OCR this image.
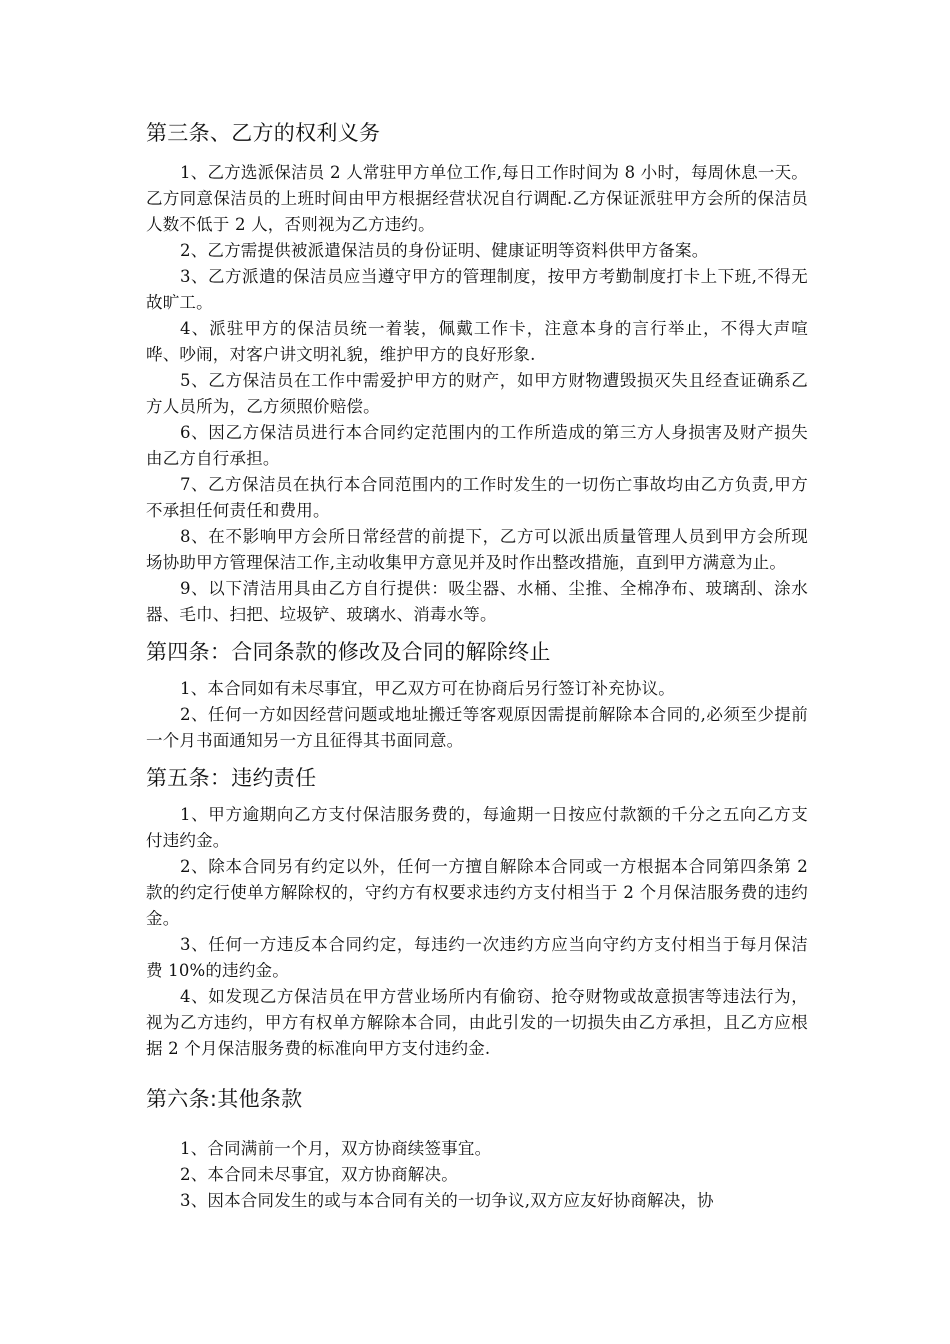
第三条、乙方的权利义务

1、乙方选派保洁员 2 人常驻甲方单位工作,每日工作时间为 8 小时，每周休息一天。乙方同意保洁员的上班时间由甲方根据经营状况自行调配.乙方保证派驻甲方会所的保洁员人数不低于 2 人，否则视为乙方违约。

2、乙方需提供被派遣保洁员的身份证明、健康证明等资料供甲方备案。

3、乙方派遣的保洁员应当遵守甲方的管理制度，按甲方考勤制度打卡上下班,不得无故旷工。

4、派驻甲方的保洁员统一着装，佩戴工作卡，注意本身的言行举止，不得大声喧哗、吵闹，对客户讲文明礼貌，维护甲方的良好形象.

5、乙方保洁员在工作中需爱护甲方的财产，如甲方财物遭毁损灭失且经查证确系乙方人员所为，乙方须照价赔偿。

6、因乙方保洁员进行本合同约定范围内的工作所造成的第三方人身损害及财产损失由乙方自行承担。

7、乙方保洁员在执行本合同范围内的工作时发生的一切伤亡事故均由乙方负责,甲方不承担任何责任和费用。

8、在不影响甲方会所日常经营的前提下，乙方可以派出质量管理人员到甲方会所现场协助甲方管理保洁工作,主动收集甲方意见并及时作出整改措施，直到甲方满意为止。

9、以下清洁用具由乙方自行提供：吸尘器、水桶、尘推、全棉净布、玻璃刮、涂水器、毛巾、扫把、垃圾铲、玻璃水、消毒水等。

第四条：合同条款的修改及合同的解除终止

1、本合同如有未尽事宜，甲乙双方可在协商后另行签订补充协议。

2、任何一方如因经营问题或地址搬迁等客观原因需提前解除本合同的,必须至少提前一个月书面通知另一方且征得其书面同意。

第五条：违约责任

1、甲方逾期向乙方支付保洁服务费的，每逾期一日按应付款额的千分之五向乙方支付违约金。

2、除本合同另有约定以外，任何一方擅自解除本合同或一方根据本合同第四条第 2 款的约定行使单方解除权的，守约方有权要求违约方支付相当于 2 个月保洁服务费的违约金。

3、任何一方违反本合同约定，每违约一次违约方应当向守约方支付相当于每月保洁费 10%的违约金。

4、如发现乙方保洁员在甲方营业场所内有偷窃、抢夺财物或故意损害等违法行为，视为乙方违约，甲方有权单方解除本合同，由此引发的一切损失由乙方承担，且乙方应根据 2 个月保洁服务费的标准向甲方支付违约金.

第六条:其他条款

1、合同满前一个月，双方协商续签事宜。

2、本合同未尽事宜，双方协商解决。

3、因本合同发生的或与本合同有关的一切争议,双方应友好协商解决，协
